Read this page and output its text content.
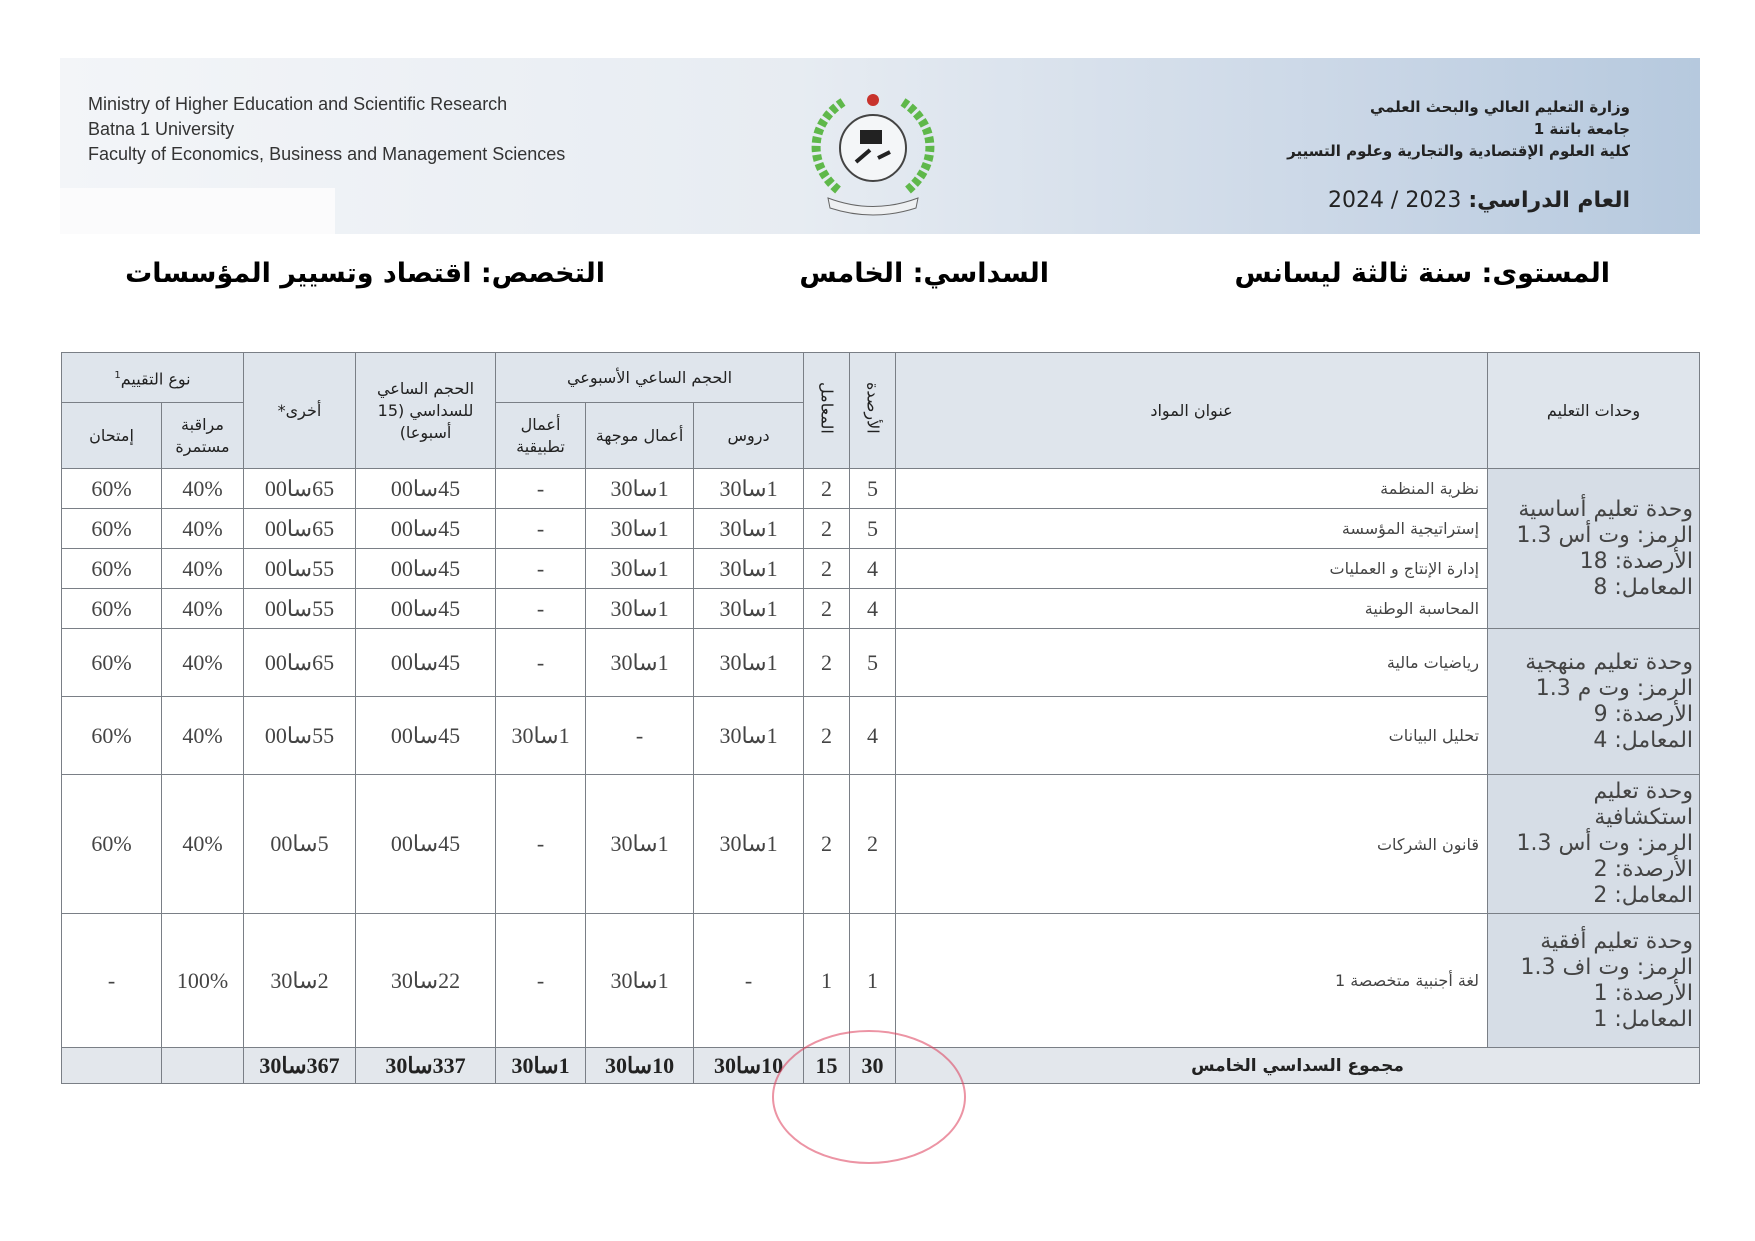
Ministry of Higher Education and Scientific Research
Batna 1 University
Faculty of Economics, Business and Management Sciences
وزارة التعليم العالي والبحث العلمي
جامعة باتنة 1
كلية العلوم الإقتصادية والتجارية وعلوم التسيير
العام الدراسي: 2024 / 2023
المستوى: سنة ثالثة ليسانس
السداسي: الخامس
التخصص: اقتصاد وتسيير المؤسسات
وحدات التعليم	عنوان المواد	الأرصدة	المعامل	الحجم الساعي الأسبوعي			الحجم الساعي للسداسي (15 أسبوعا)	أخرى*	نوع التقييم$^1$
				دروس	أعمال موجهة	أعمال تطبيقية			مراقبة مستمرة	إمتحان

وحدة تعليم أساسية
الرمز: وت أس 1.3
الأرصدة: 18
المعامل: 8	نظرية المنظمة	5	2	1سا30	1سا30	-	45سا00	65سا00	40%	60%
	إستراتيجية المؤسسة	5	2	1سا30	1سا30	-	45سا00	65سا00	40%	60%
	إدارة الإنتاج و العمليات	4	2	1سا30	1سا30	-	45سا00	55سا00	40%	60%
	المحاسبة الوطنية	4	2	1سا30	1سا30	-	45سا00	55سا00	40%	60%

وحدة تعليم منهجية
الرمز: وت م 1.3
الأرصدة: 9
المعامل: 4	رياضيات مالية	5	2	1سا30	1سا30	-	45سا00	65سا00	40%	60%
	تحليل البيانات	4	2	1سا30	-	1سا30	45سا00	55سا00	40%	60%

وحدة تعليم استكشافية
الرمز: وت أس 1.3
الأرصدة: 2
المعامل: 2	قانون الشركات	2	2	1سا30	1سا30	-	45سا00	5سا00	40%	60%

وحدة تعليم أفقية
الرمز: وت اف 1.3
الأرصدة: 1
المعامل: 1	لغة أجنبية متخصصة 1	1	1	-	1سا30	-	22سا30	2سا30	100%	-
مجموع السداسي الخامس		30	15	10سا30	10سا30	1سا30	337سا30	367سا30		
